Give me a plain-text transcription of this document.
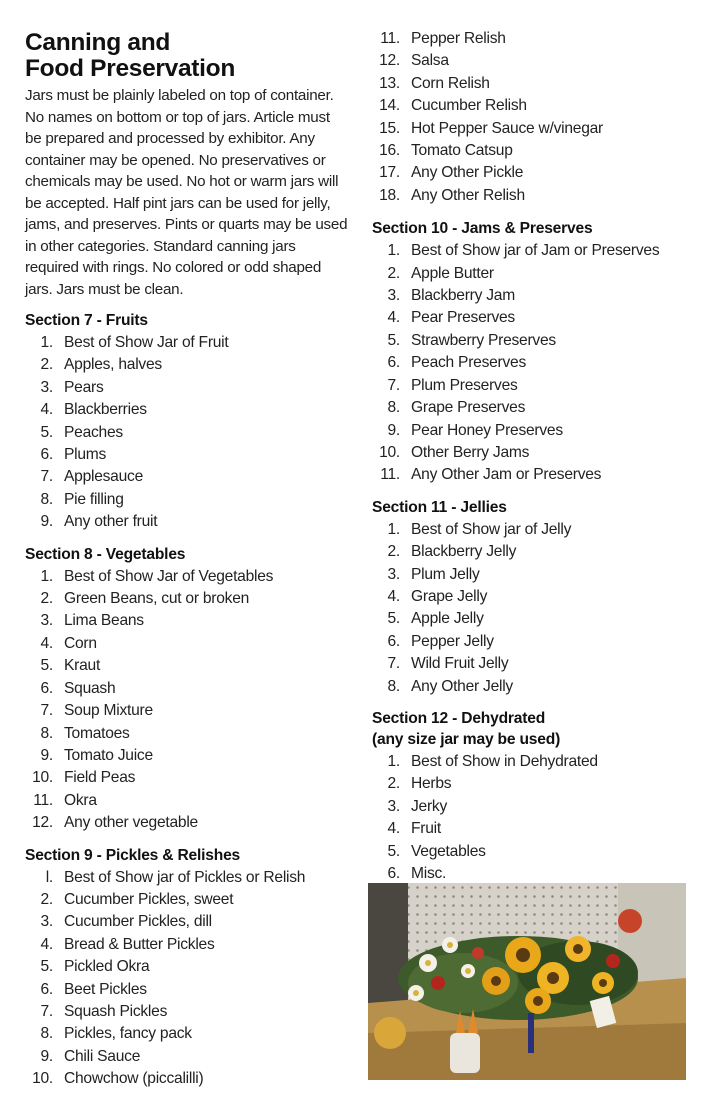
Canning and
Food Preservation

Jars must be plainly labeled on top of container. No names on bottom or top of jars. Article must be prepared and processed by exhibitor. Any container may be opened. No preservatives or chemicals may be used. No hot or warm jars will be accepted. Half pint jars can be used for jelly, jams, and preserves. Pints or quarts may be used in other categories. Standard canning jars required with rings. No colored or odd shaped jars. Jars must be clean.

Section 7 - Fruits
1. Best of Show Jar of Fruit
2. Apples, halves
3. Pears
4. Blackberries
5. Peaches
6. Plums
7. Applesauce
8. Pie filling
9. Any other fruit
Section 8 - Vegetables
1. Best of Show Jar of Vegetables
2. Green Beans, cut or broken
3. Lima Beans
4. Corn
5. Kraut
6. Squash
7. Soup Mixture
8. Tomatoes
9. Tomato Juice
10. Field Peas
11. Okra
12. Any other vegetable
Section 9 - Pickles & Relishes
l. Best of Show jar of Pickles or Relish
2. Cucumber Pickles, sweet
3. Cucumber Pickles, dill
4. Bread & Butter Pickles
5. Pickled Okra
6. Beet Pickles
7. Squash Pickles
8. Pickles, fancy pack
9. Chili Sauce
10. Chowchow (piccalilli)
11. Pepper Relish
12. Salsa
13. Corn Relish
14. Cucumber Relish
15. Hot Pepper Sauce w/vinegar
16. Tomato Catsup
17. Any Other Pickle
18. Any Other Relish
Section 10 - Jams & Preserves
1. Best of Show jar of Jam or Preserves
2. Apple Butter
3. Blackberry Jam
4. Pear Preserves
5. Strawberry Preserves
6. Peach Preserves
7. Plum Preserves
8. Grape Preserves
9. Pear Honey Preserves
10. Other Berry Jams
11. Any Other Jam or Preserves
Section 11 - Jellies
1. Best of Show jar of Jelly
2. Blackberry Jelly
3. Plum Jelly
4. Grape Jelly
5. Apple Jelly
6. Pepper Jelly
7. Wild Fruit Jelly
8. Any Other Jelly
Section 12 - Dehydrated
(any size jar may be used)
1. Best of Show in Dehydrated
2. Herbs
3. Jerky
4. Fruit
5. Vegetables
6. Misc.
